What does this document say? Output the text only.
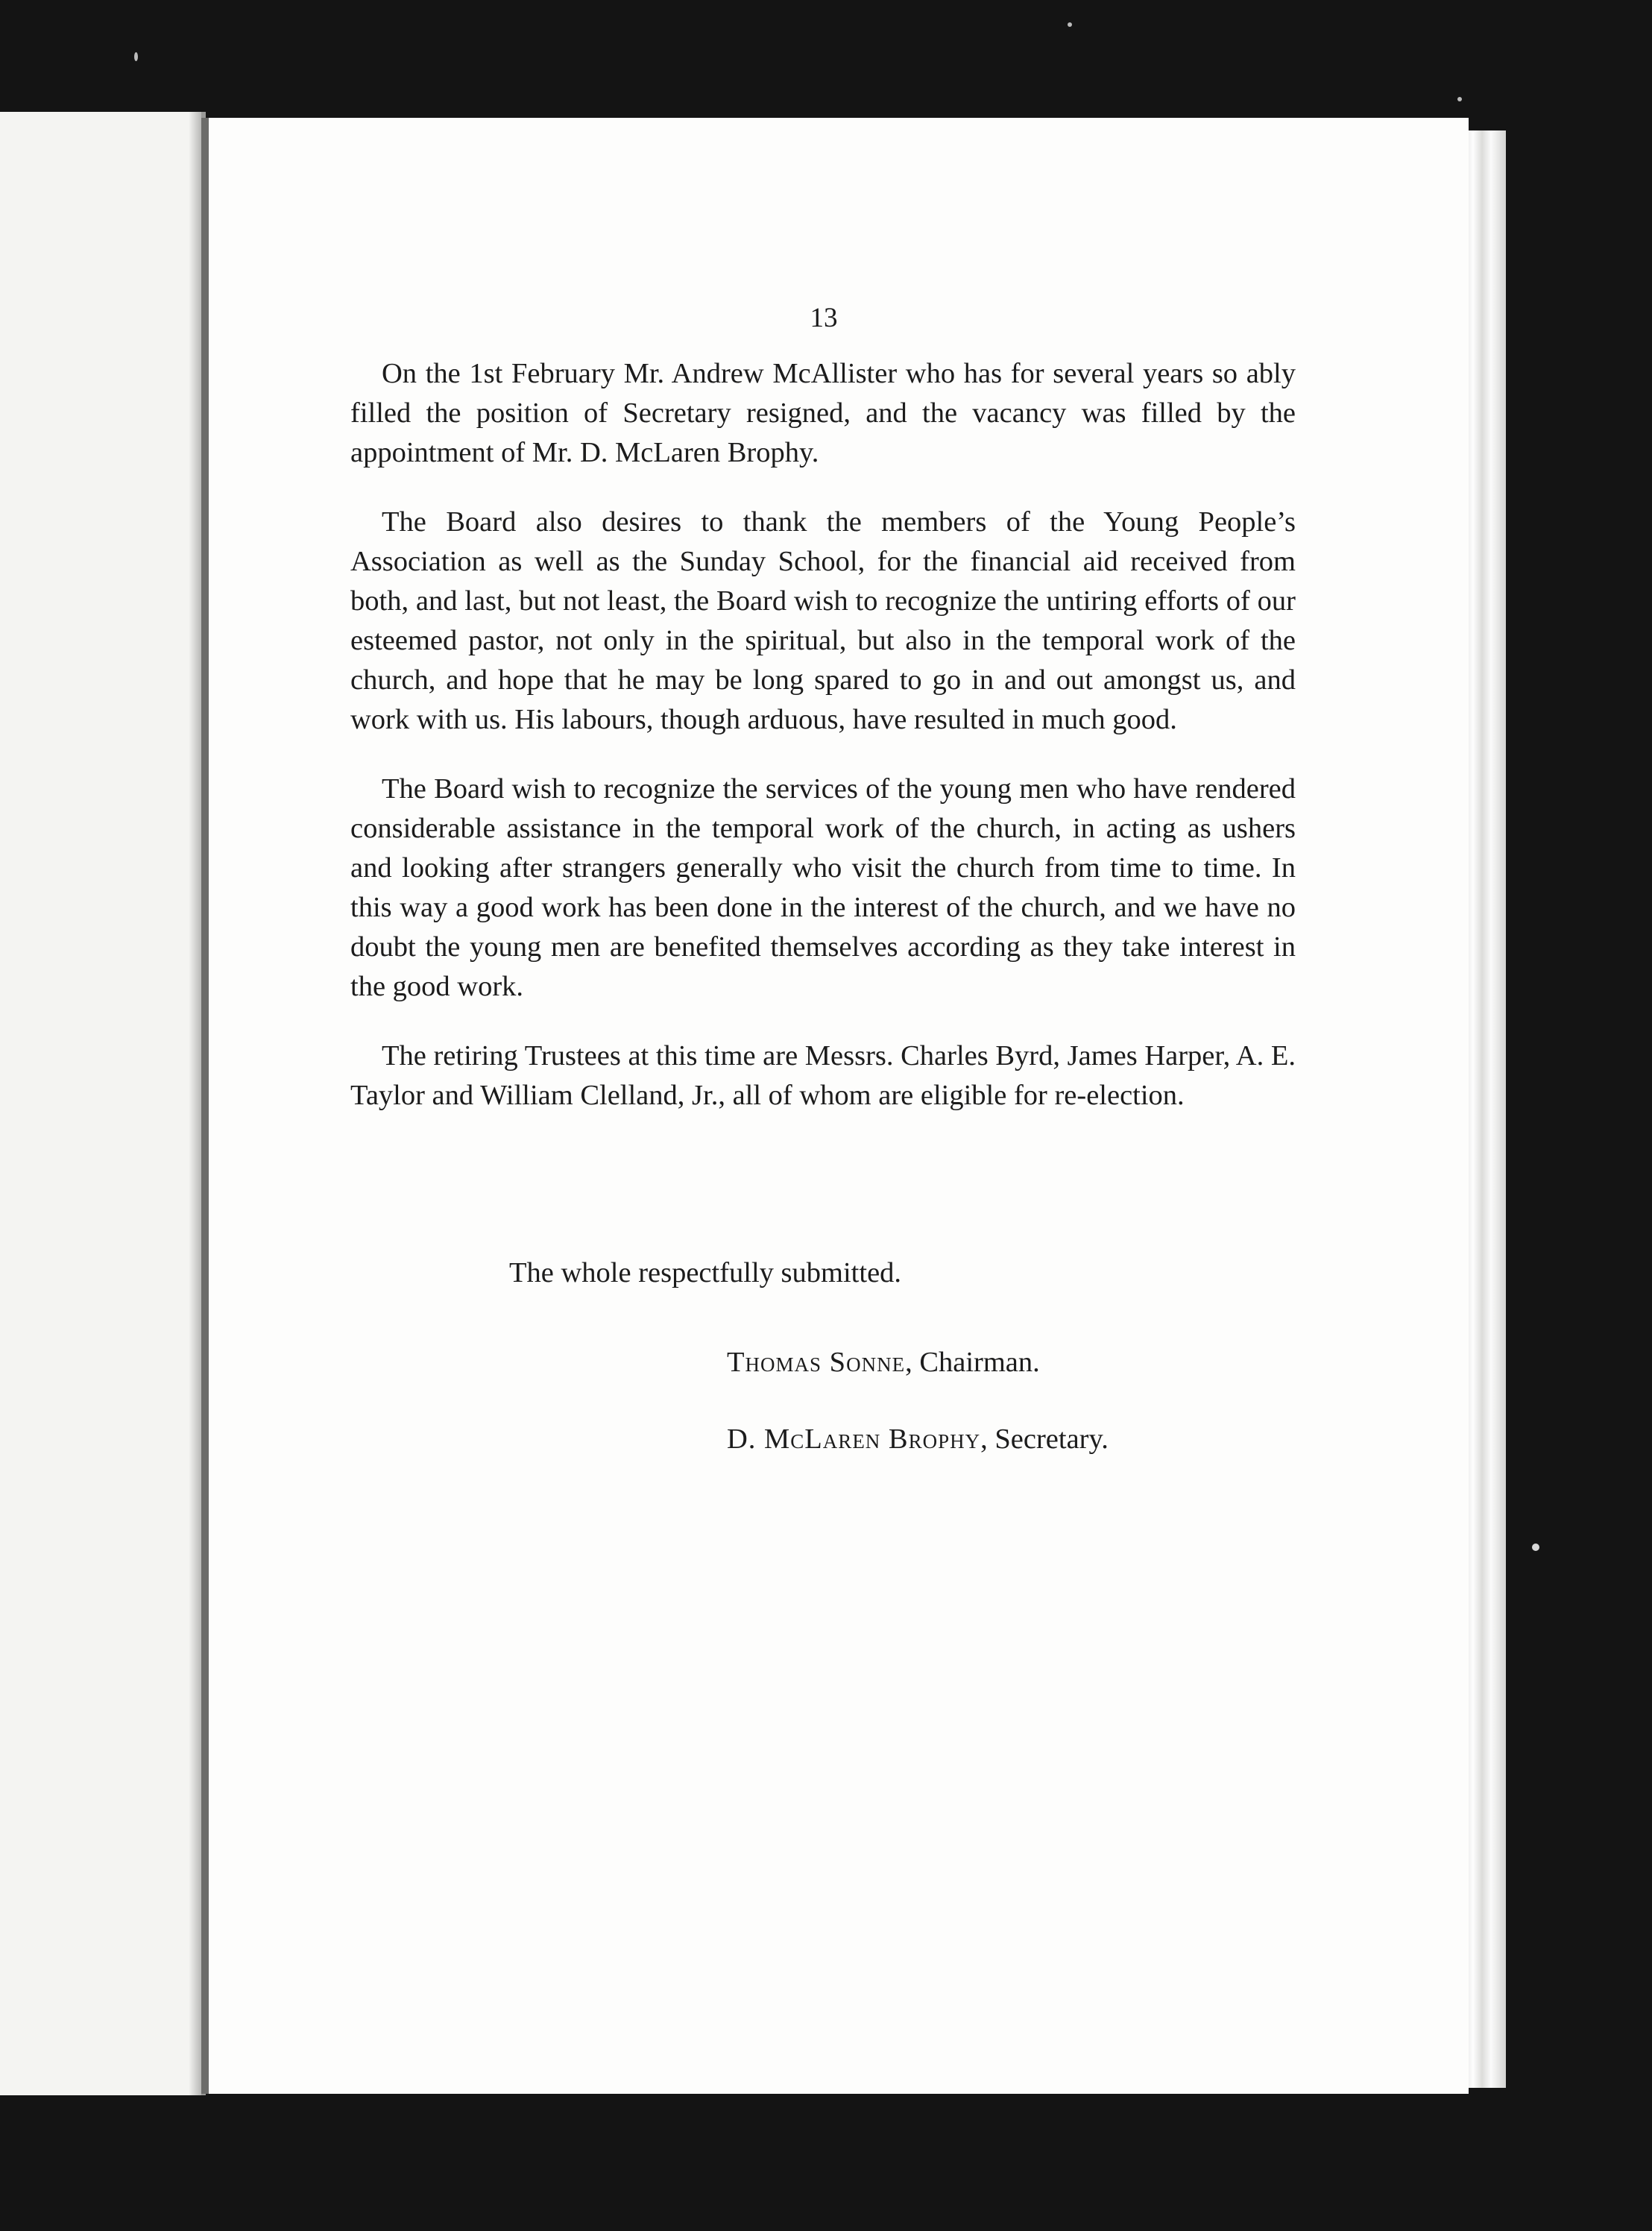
13

On the 1st February Mr. Andrew McAllister who has for several years so ably filled the position of Secretary resigned, and the vacancy was filled by the appointment of Mr. D. McLaren Brophy.

The Board also desires to thank the members of the Young People’s Association as well as the Sunday School, for the financial aid received from both, and last, but not least, the Board wish to recognize the untiring efforts of our esteemed pastor, not only in the spiritual, but also in the temporal work of the church, and hope that he may be long spared to go in and out amongst us, and work with us. His labours, though arduous, have resulted in much good.

The Board wish to recognize the services of the young men who have rendered considerable assistance in the temporal work of the church, in acting as ushers and looking after strangers generally who visit the church from time to time. In this way a good work has been done in the interest of the church, and we have no doubt the young men are benefited themselves according as they take interest in the good work.

The retiring Trustees at this time are Messrs. Charles Byrd, James Harper, A. E. Taylor and William Clelland, Jr., all of whom are eligible for re-election.

The whole respectfully submitted.
Thomas Sonne, Chairman.
D. McLaren Brophy, Secretary.
